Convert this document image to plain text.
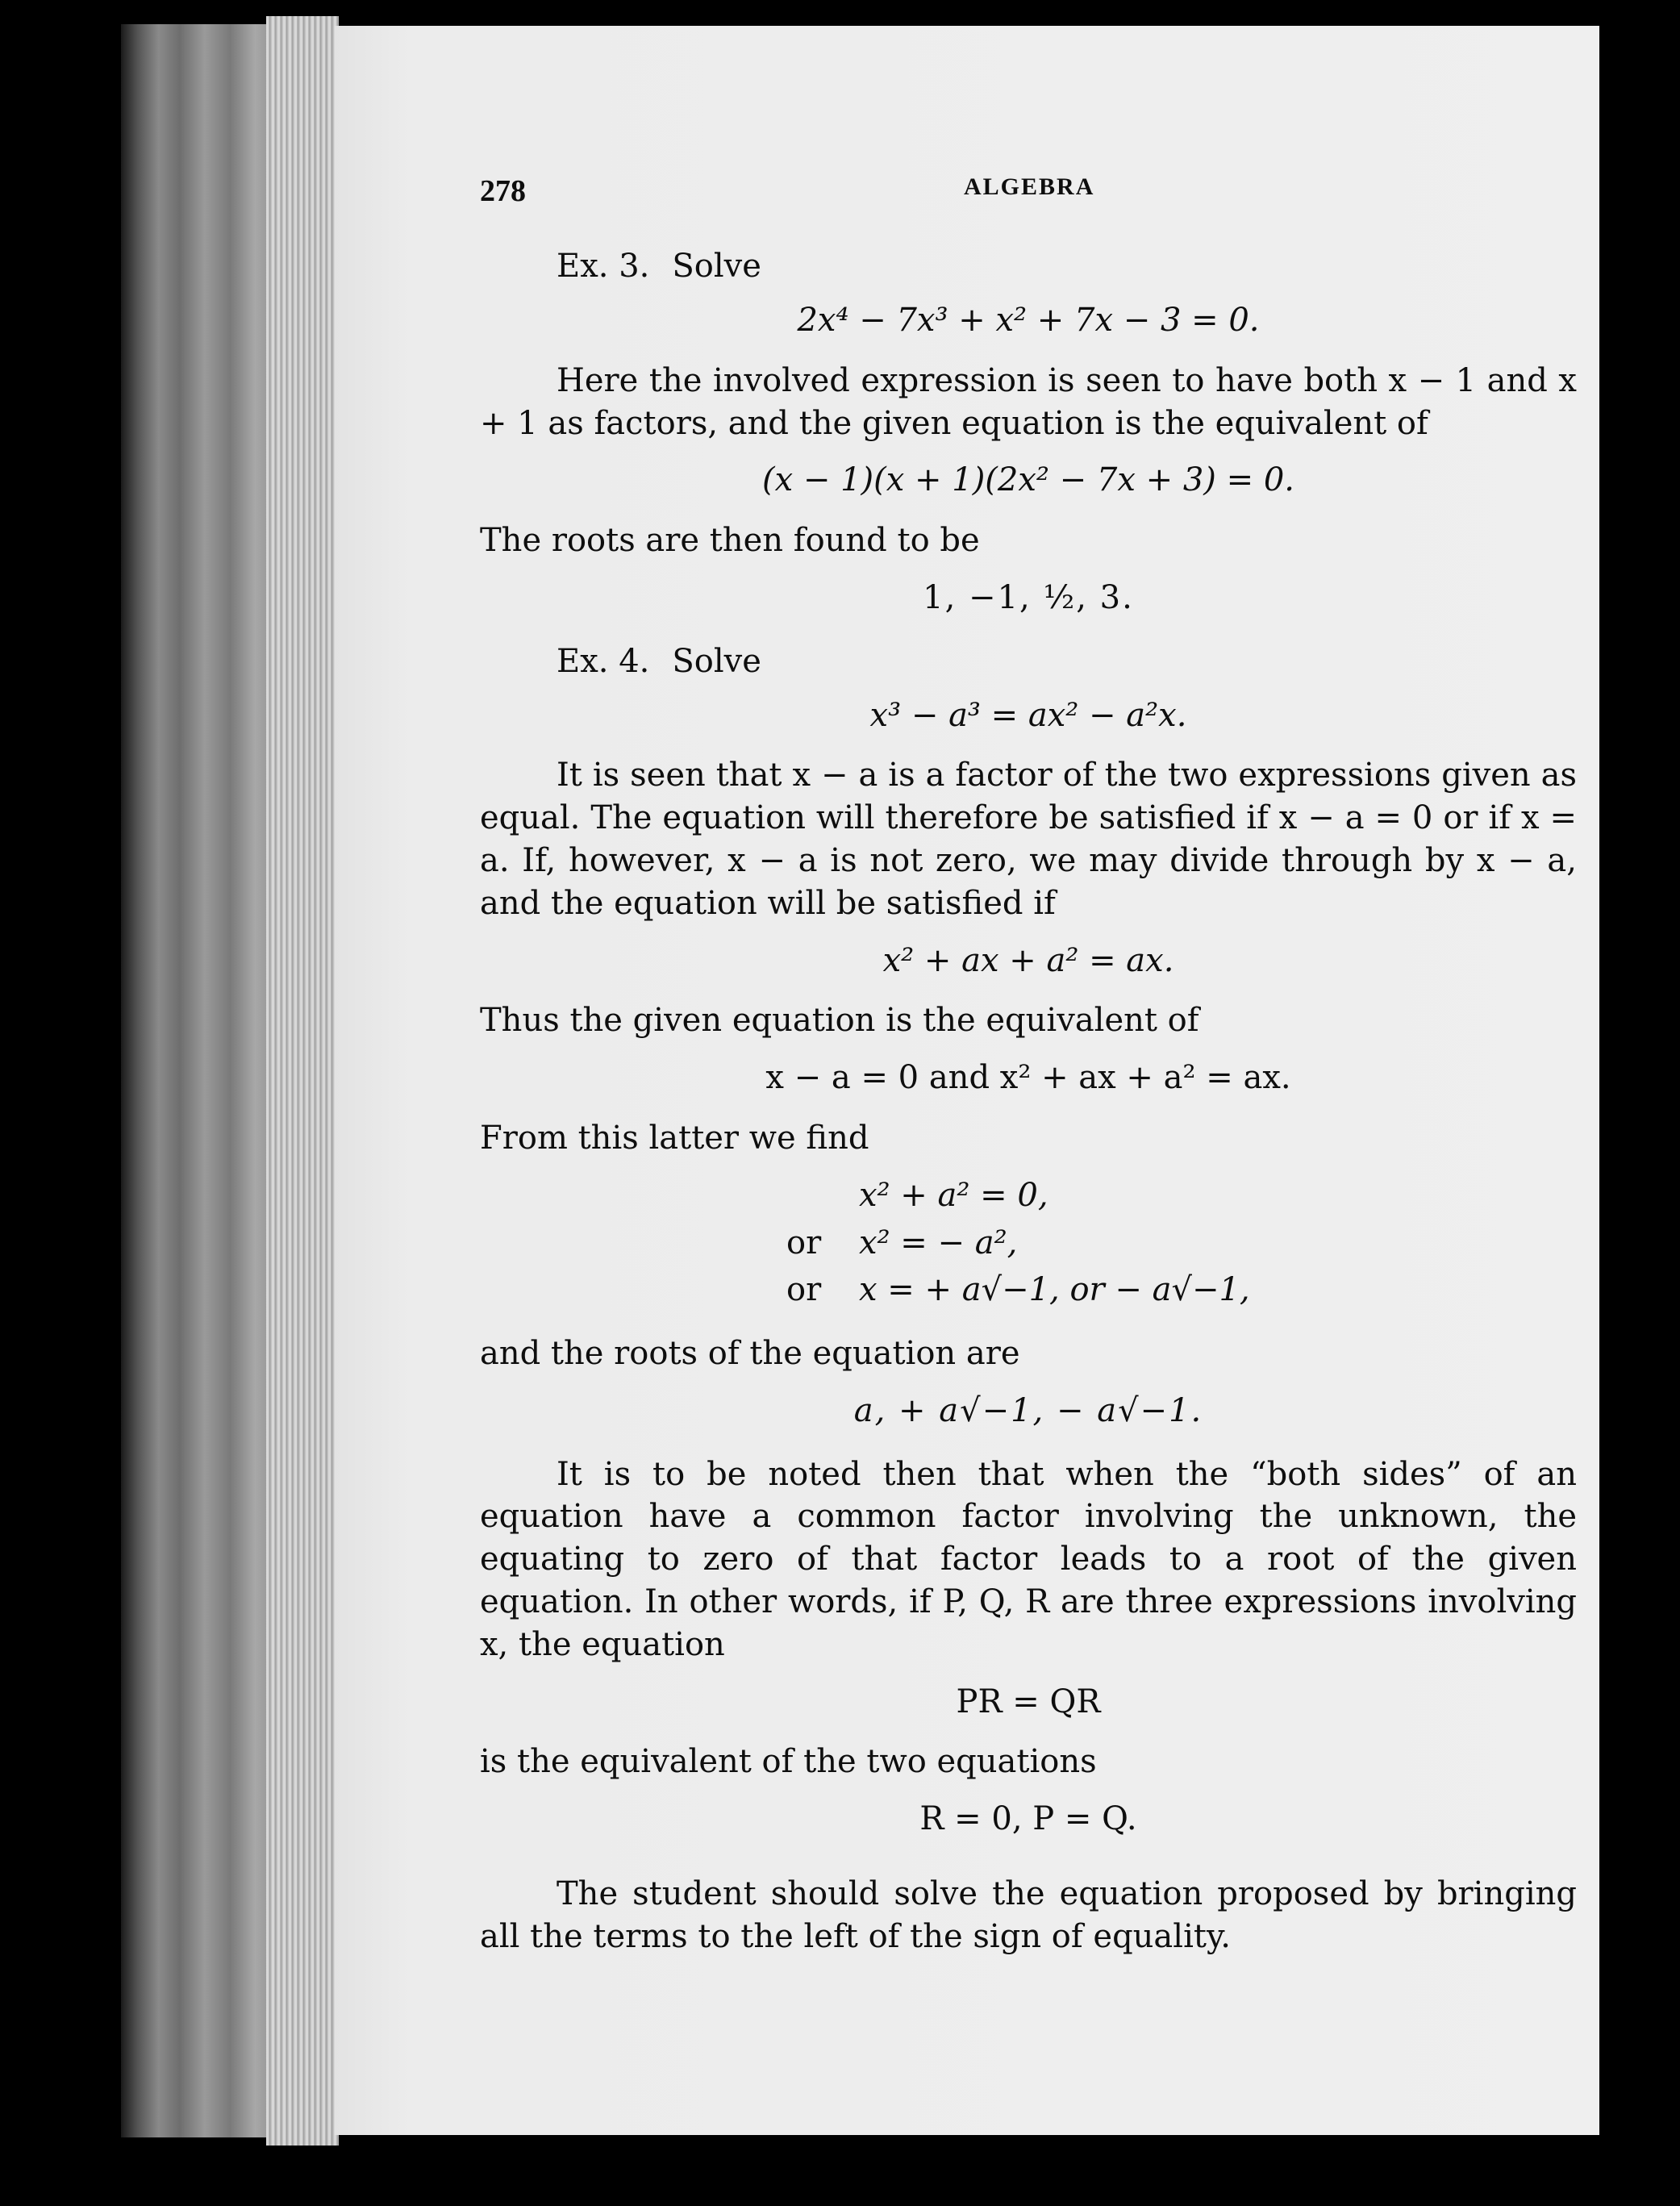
278	ALGEBRA
Ex. 3. Solve
2x⁴ − 7x³ + x² + 7x − 3 = 0.

Here the involved expression is seen to have both x − 1 and x + 1 as factors, and the given equation is the equivalent of

(x − 1)(x + 1)(2x² − 7x + 3) = 0.

The roots are then found to be

1, −1, ½, 3.
Ex. 4. Solve
x³ − a³ = ax² − a²x.

It is seen that x − a is a factor of the two expressions given as equal. The equation will therefore be satisfied if x − a = 0 or if x = a. If, however, x − a is not zero, we may divide through by x − a, and the equation will be satisfied if

x² + ax + a² = ax.

Thus the given equation is the equivalent of

x − a = 0 and x² + ax + a² = ax.

From this latter we find

x² + a² = 0,
or	x² = − a²,
or	x = + a√−1, or − a√−1,

and the roots of the equation are

a, + a√−1, − a√−1.

It is to be noted then that when the “both sides” of an equation have a common factor involving the unknown, the equating to zero of that factor leads to a root of the given equation. In other words, if P, Q, R are three expressions involving x, the equation

PR = QR

is the equivalent of the two equations

R = 0, P = Q.

The student should solve the equation proposed by bringing all the terms to the left of the sign of equality.
